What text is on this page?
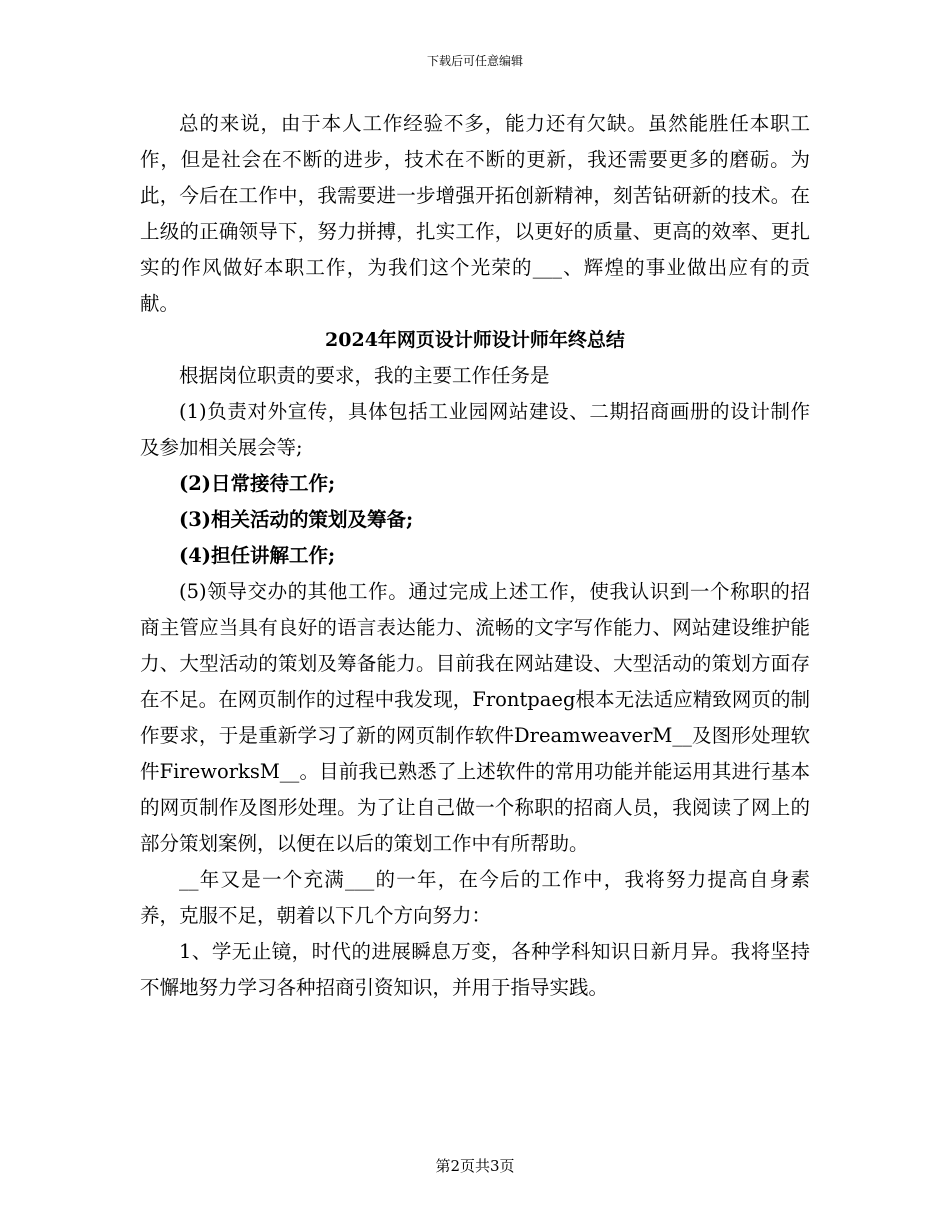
下载后可任意编辑

总的来说，由于本人工作经验不多，能力还有欠缺。虽然能胜任本职工作，但是社会在不断的进步，技术在不断的更新，我还需要更多的磨砺。为此，今后在工作中，我需要进一步增强开拓创新精神，刻苦钻研新的技术。在上级的正确领导下，努力拼搏，扎实工作，以更好的质量、更高的效率、更扎实的作风做好本职工作，为我们这个光荣的___、辉煌的事业做出应有的贡献。

2024年网页设计师设计师年终总结

根据岗位职责的要求，我的主要工作任务是

(1)负责对外宣传，具体包括工业园网站建设、二期招商画册的设计制作及参加相关展会等;

(2)日常接待工作;

(3)相关活动的策划及筹备;

(4)担任讲解工作;

(5)领导交办的其他工作。通过完成上述工作，使我认识到一个称职的招商主管应当具有良好的语言表达能力、流畅的文字写作能力、网站建设维护能力、大型活动的策划及筹备能力。目前我在网站建设、大型活动的策划方面存在不足。在网页制作的过程中我发现，Frontpaeg根本无法适应精致网页的制作要求，于是重新学习了新的网页制作软件DreamweaverM__及图形处理软件FireworksM__。目前我已熟悉了上述软件的常用功能并能运用其进行基本的网页制作及图形处理。为了让自己做一个称职的招商人员，我阅读了网上的部分策划案例，以便在以后的策划工作中有所帮助。

__年又是一个充满___的一年，在今后的工作中，我将努力提高自身素养，克服不足，朝着以下几个方向努力：

1、学无止镜，时代的进展瞬息万变，各种学科知识日新月异。我将坚持不懈地努力学习各种招商引资知识，并用于指导实践。

第2页共3页
